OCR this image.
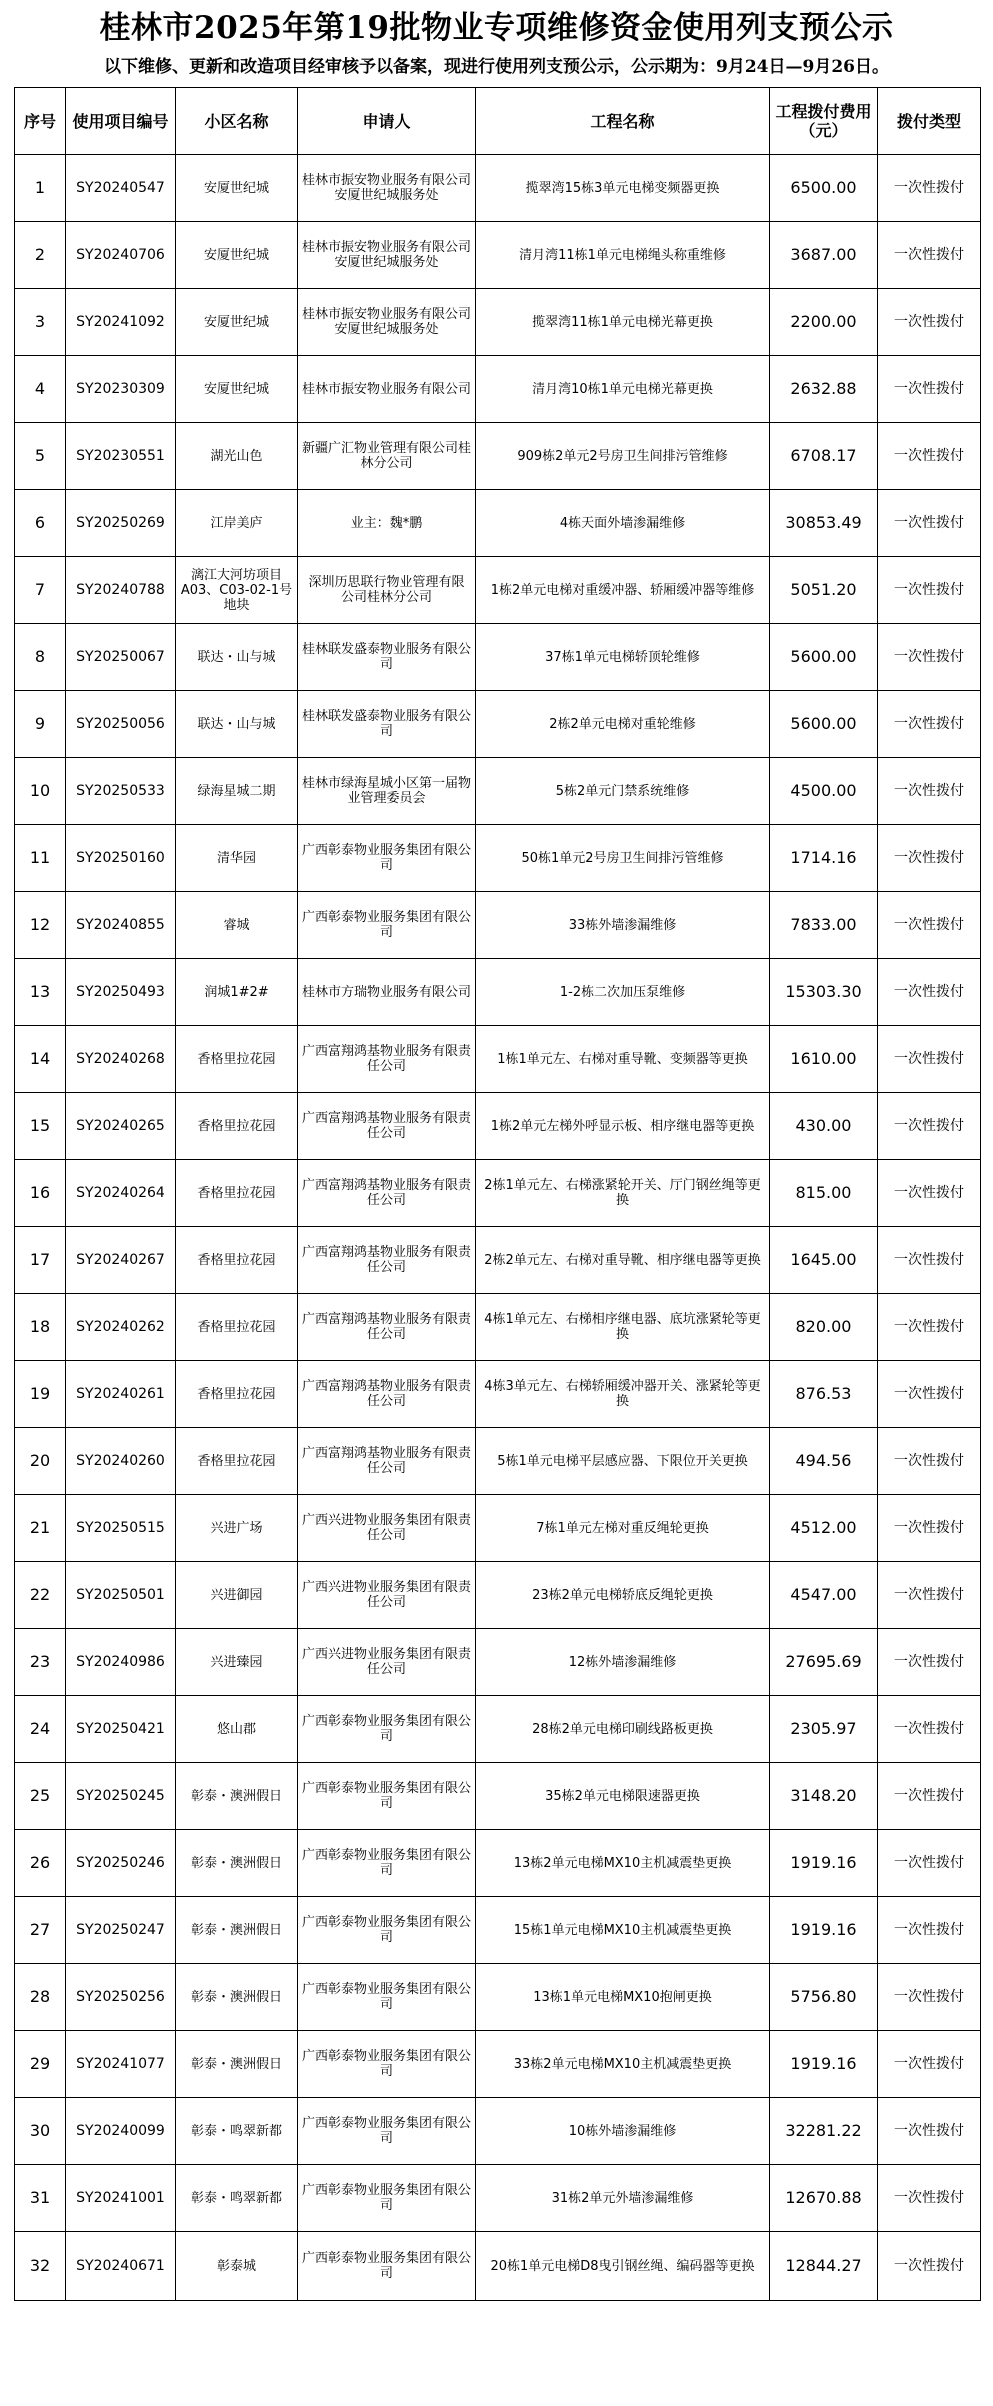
桂林市2025年第19批物业专项维修资金使用列支预公示
以下维修、更新和改造项目经审核予以备案，现进行使用列支预公示，公示期为：9月24日—9月26日。
序号	使用项目编号	小区名称	申请人	工程名称	工程拨付费用（元）	拨付类型
1	SY20240547	安厦世纪城	桂林市振安物业服务有限公司安厦世纪城服务处	揽翠湾15栋3单元电梯变频器更换	6500.00	一次性拨付
2	SY20240706	安厦世纪城	桂林市振安物业服务有限公司安厦世纪城服务处	清月湾11栋1单元电梯绳头称重维修	3687.00	一次性拨付
3	SY20241092	安厦世纪城	桂林市振安物业服务有限公司安厦世纪城服务处	揽翠湾11栋1单元电梯光幕更换	2200.00	一次性拨付
4	SY20230309	安厦世纪城	桂林市振安物业服务有限公司	清月湾10栋1单元电梯光幕更换	2632.88	一次性拨付
5	SY20230551	湖光山色	新疆广汇物业管理有限公司桂林分公司	909栋2单元2号房卫生间排污管维修	6708.17	一次性拨付
6	SY20250269	江岸美庐	业主：魏*鹏	4栋天面外墙渗漏维修	30853.49	一次性拨付
7	SY20240788	漓江大河坊项目A03、C03-02-1号地块	深圳历思联行物业管理有限 公司桂林分公司	1栋2单元电梯对重缓冲器、轿厢缓冲器等维修	5051.20	一次性拨付
8	SY20250067	联达・山与城	桂林联发盛泰物业服务有限公司	37栋1单元电梯轿顶轮维修	5600.00	一次性拨付
9	SY20250056	联达・山与城	桂林联发盛泰物业服务有限公司	2栋2单元电梯对重轮维修	5600.00	一次性拨付
10	SY20250533	绿海星城二期	桂林市绿海星城小区第一届物业管理委员会	5栋2单元门禁系统维修	4500.00	一次性拨付
11	SY20250160	清华园	广西彰泰物业服务集团有限公司	50栋1单元2号房卫生间排污管维修	1714.16	一次性拨付
12	SY20240855	睿城	广西彰泰物业服务集团有限公司	33栋外墙渗漏维修	7833.00	一次性拨付
13	SY20250493	润城1#2#	桂林市方瑞物业服务有限公司	1-2栋二次加压泵维修	15303.30	一次性拨付
14	SY20240268	香格里拉花园	广西富翔鸿基物业服务有限责任公司	1栋1单元左、右梯对重导靴、变频器等更换	1610.00	一次性拨付
15	SY20240265	香格里拉花园	广西富翔鸿基物业服务有限责任公司	1栋2单元左梯外呼显示板、相序继电器等更换	430.00	一次性拨付
16	SY20240264	香格里拉花园	广西富翔鸿基物业服务有限责任公司	2栋1单元左、右梯涨紧轮开关、厅门钢丝绳等更换	815.00	一次性拨付
17	SY20240267	香格里拉花园	广西富翔鸿基物业服务有限责任公司	2栋2单元左、右梯对重导靴、相序继电器等更换	1645.00	一次性拨付
18	SY20240262	香格里拉花园	广西富翔鸿基物业服务有限责任公司	4栋1单元左、右梯相序继电器、底坑涨紧轮等更换	820.00	一次性拨付
19	SY20240261	香格里拉花园	广西富翔鸿基物业服务有限责任公司	4栋3单元左、右梯轿厢缓冲器开关、涨紧轮等更换	876.53	一次性拨付
20	SY20240260	香格里拉花园	广西富翔鸿基物业服务有限责任公司	5栋1单元电梯平层感应器、下限位开关更换	494.56	一次性拨付
21	SY20250515	兴进广场	广西兴进物业服务集团有限责任公司	7栋1单元左梯对重反绳轮更换	4512.00	一次性拨付
22	SY20250501	兴进御园	广西兴进物业服务集团有限责任公司	23栋2单元电梯轿底反绳轮更换	4547.00	一次性拨付
23	SY20240986	兴进臻园	广西兴进物业服务集团有限责任公司	12栋外墙渗漏维修	27695.69	一次性拨付
24	SY20250421	悠山郡	广西彰泰物业服务集团有限公司	28栋2单元电梯印刷线路板更换	2305.97	一次性拨付
25	SY20250245	彰泰・澳洲假日	广西彰泰物业服务集团有限公司	35栋2单元电梯限速器更换	3148.20	一次性拨付
26	SY20250246	彰泰・澳洲假日	广西彰泰物业服务集团有限公司	13栋2单元电梯MX10主机减震垫更换	1919.16	一次性拨付
27	SY20250247	彰泰・澳洲假日	广西彰泰物业服务集团有限公司	15栋1单元电梯MX10主机减震垫更换	1919.16	一次性拨付
28	SY20250256	彰泰・澳洲假日	广西彰泰物业服务集团有限公司	13栋1单元电梯MX10抱闸更换	5756.80	一次性拨付
29	SY20241077	彰泰・澳洲假日	广西彰泰物业服务集团有限公司	33栋2单元电梯MX10主机减震垫更换	1919.16	一次性拨付
30	SY20240099	彰泰・鸣翠新都	广西彰泰物业服务集团有限公司	10栋外墙渗漏维修	32281.22	一次性拨付
31	SY20241001	彰泰・鸣翠新都	广西彰泰物业服务集团有限公司	31栋2单元外墙渗漏维修	12670.88	一次性拨付
32	SY20240671	彰泰城	广西彰泰物业服务集团有限公司	20栋1单元电梯D8曳引钢丝绳、编码器等更换	12844.27	一次性拨付
